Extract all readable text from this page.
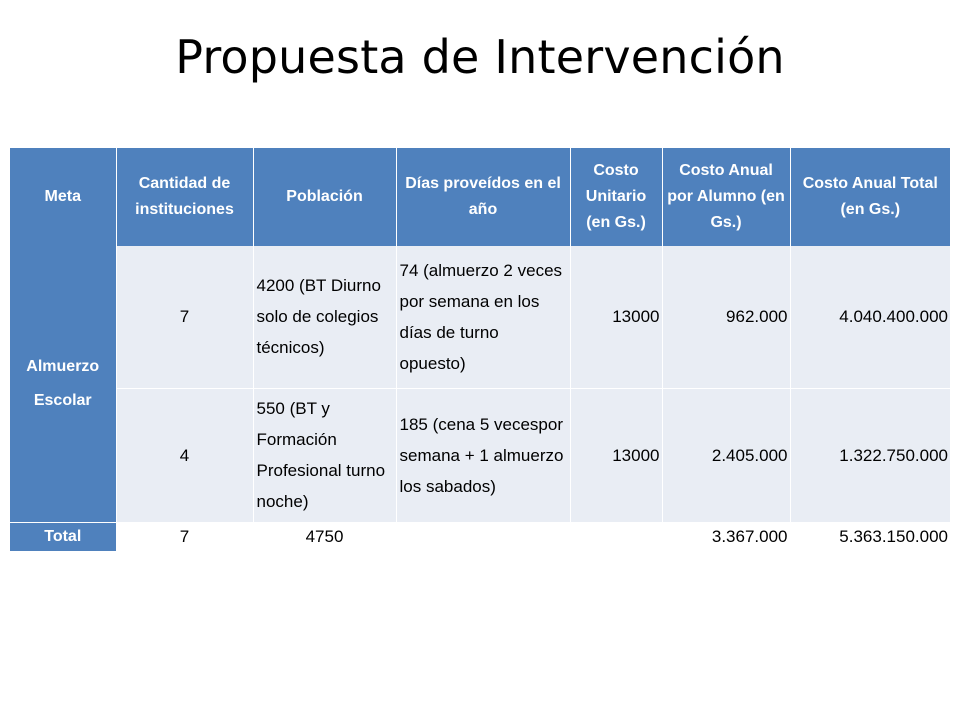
Propuesta de Intervención
Meta	Cantidad de instituciones	Población	Días proveídos en el año	Costo Unitario (en Gs.)	Costo Anual por Alumno (en Gs.)	Costo Anual Total (en Gs.)
Almuerzo Escolar	7	4200 (BT Diurno solo de colegios técnicos)	74 (almuerzo 2 veces por semana en los días de turno opuesto)	13000	962.000	4.040.400.000
	4	550 (BT y Formación Profesional turno noche)	185 (cena 5 vecespor semana + 1 almuerzo los sabados)	13000	2.405.000	1.322.750.000
Total	7	4750			3.367.000	5.363.150.000
